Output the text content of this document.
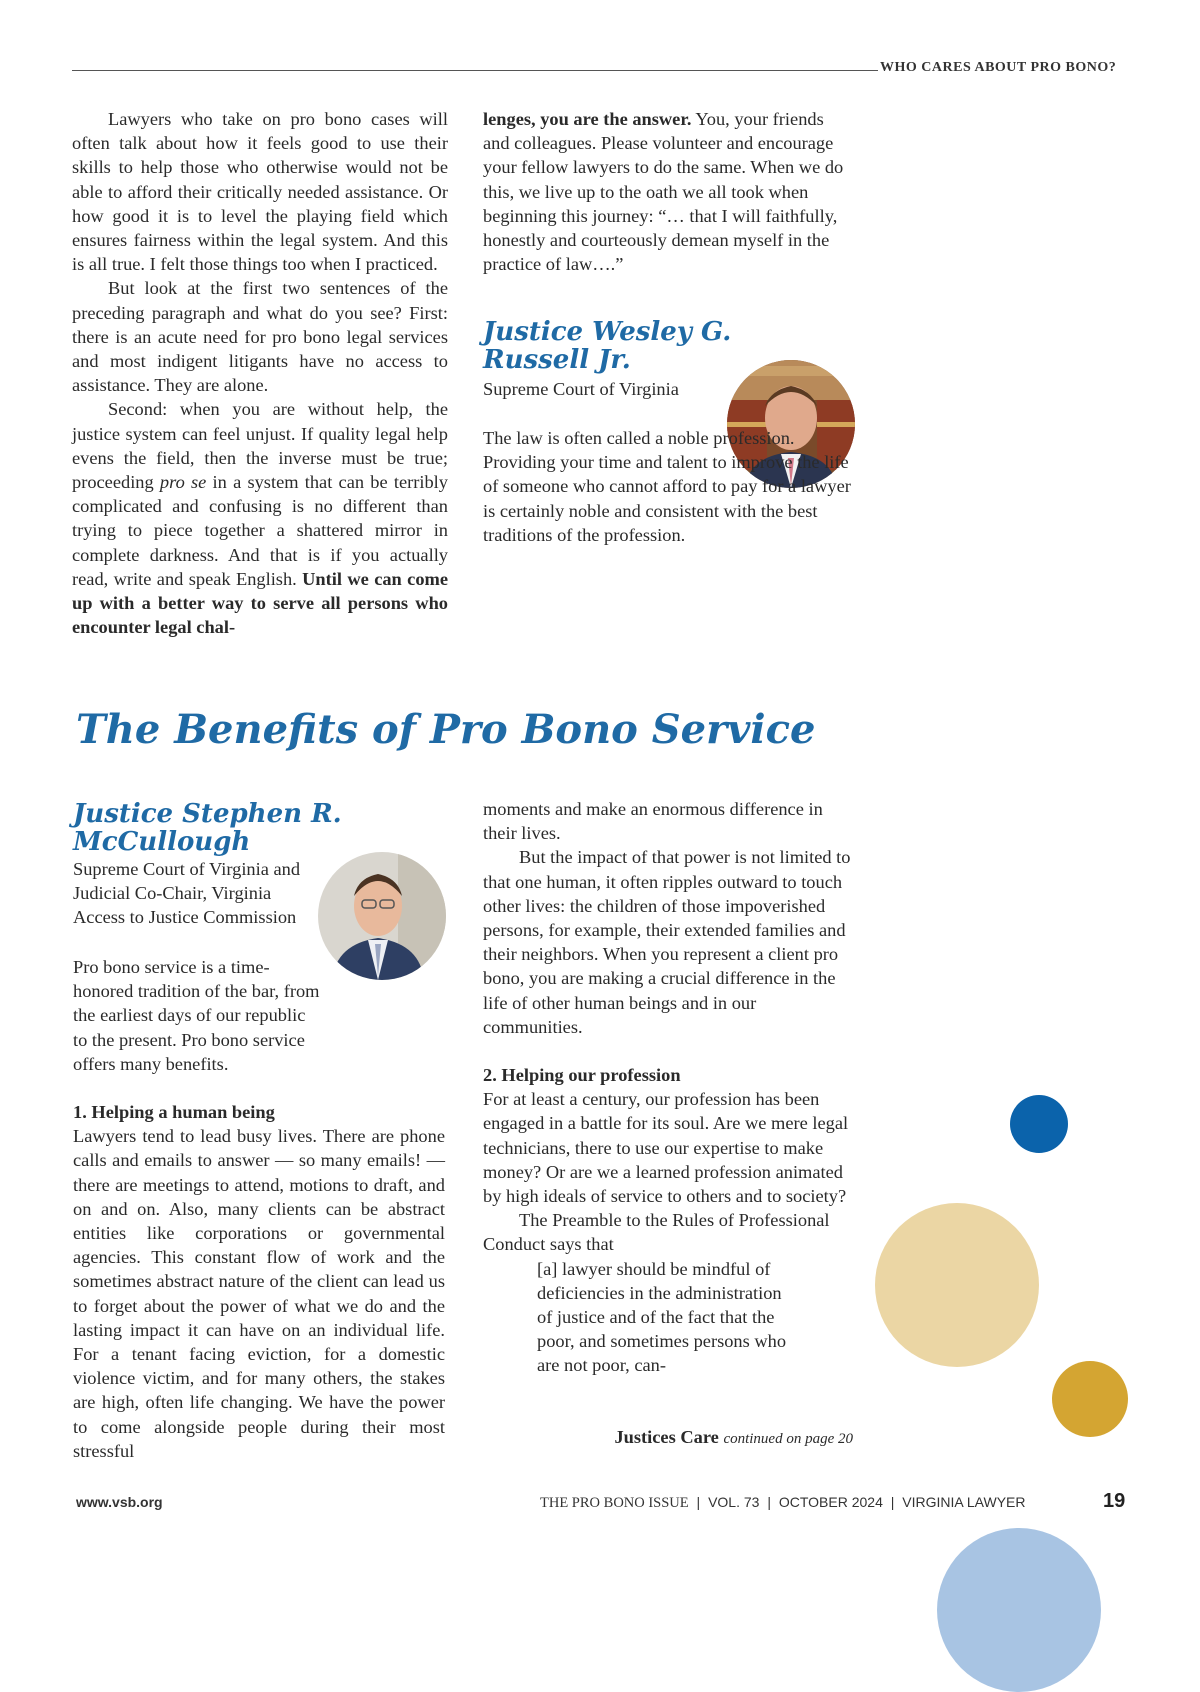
WHO CARES ABOUT PRO BONO?

Lawyers who take on pro bono cases will often talk about how it feels good to use their skills to help those who otherwise would not be able to afford their critically needed assistance. Or how good it is to level the playing field which ensures fairness within the legal system. And this is all true. I felt those things too when I practiced.

But look at the first two sentences of the preceding paragraph and what do you see? First: there is an acute need for pro bono legal services and most indigent litigants have no access to assistance. They are alone.

Second: when you are without help, the justice system can feel unjust. If quality legal help evens the field, then the inverse must be true; proceeding pro se in a system that can be terribly complicated and confusing is no different than trying to piece together a shattered mirror in complete darkness. And that is if you actually read, write and speak English. Until we can come up with a better way to serve all persons who encounter legal chal-

lenges, you are the answer. You, your friends and colleagues. Please volunteer and encourage your fellow lawyers to do the same. When we do this, we live up to the oath we all took when beginning this journey: “… that I will faithfully, honestly and courteously demean myself in the practice of law….”

Justice Wesley G.

Russell Jr.

Supreme Court of Virginia

The law is often called a noble profession. Providing your time and talent to improve the life of someone who cannot afford to pay for a lawyer is certainly noble and consistent with the best traditions of the profession.

The Benefits of Pro Bono Service

Justice Stephen R.

McCullough

Supreme Court of Virginia and

Judicial Co-Chair, Virginia

Access to Justice Commission

Pro bono service is a time-honored tradition of the bar, from the earliest days of our republic to the present. Pro bono service offers many benefits.

1. Helping a human being

Lawyers tend to lead busy lives. There are phone calls and emails to answer — so many emails! — there are meetings to attend, motions to draft, and on and on. Also, many clients can be abstract entities like corporations or governmental agencies. This constant flow of work and the sometimes abstract nature of the client can lead us to forget about the power of what we do and the lasting impact it can have on an individual life. For a tenant facing eviction, for a domestic violence victim, and for many others, the stakes are high, often life changing. We have the power to come alongside people during their most stressful

moments and make an enormous difference in their lives.

But the impact of that power is not limited to that one human, it often ripples outward to touch other lives: the children of those impoverished persons, for example, their extended families and their neighbors. When you represent a client pro bono, you are making a crucial difference in the life of other human beings and in our communities.

2. Helping our profession

For at least a century, our profession has been engaged in a battle for its soul. Are we mere legal technicians, there to use our expertise to make money? Or are we a learned profession animated by high ideals of service to others and to society?

The Preamble to the Rules of Professional Conduct says that

[a] lawyer should be mindful of deficiencies in the administration of justice and of the fact that the poor, and sometimes persons who are not poor, can-

Justices Care continued on page 20
www.vsb.org	THE PRO BONO ISSUE | VOL. 73 | OCTOBER 2024 | VIRGINIA LAWYER	19
